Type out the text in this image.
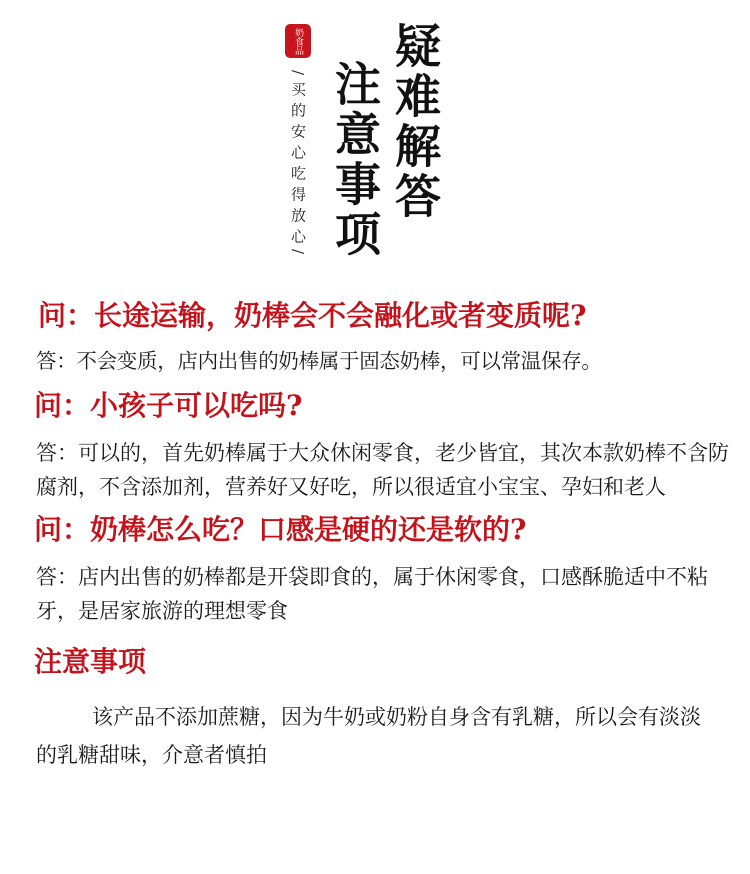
奶食品
/买的安心吃得放心/ 注意事项 疑难解答

问：长途运输，奶棒会不会融化或者变质呢?

答：不会变质，店内出售的奶棒属于固态奶棒，可以常温保存。

问：小孩子可以吃吗?

答：可以的，首先奶棒属于大众休闲零食，老少皆宜，其次本款奶棒不含防腐剂，不含添加剂，营养好又好吃，所以很适宜小宝宝、孕妇和老人

问：奶棒怎么吃？口感是硬的还是软的?

答：店内出售的奶棒都是开袋即食的，属于休闲零食，口感酥脆适中不粘牙，是居家旅游的理想零食

注意事项

该产品不添加蔗糖，因为牛奶或奶粉自身含有乳糖，所以会有淡淡的乳糖甜味，介意者慎拍
